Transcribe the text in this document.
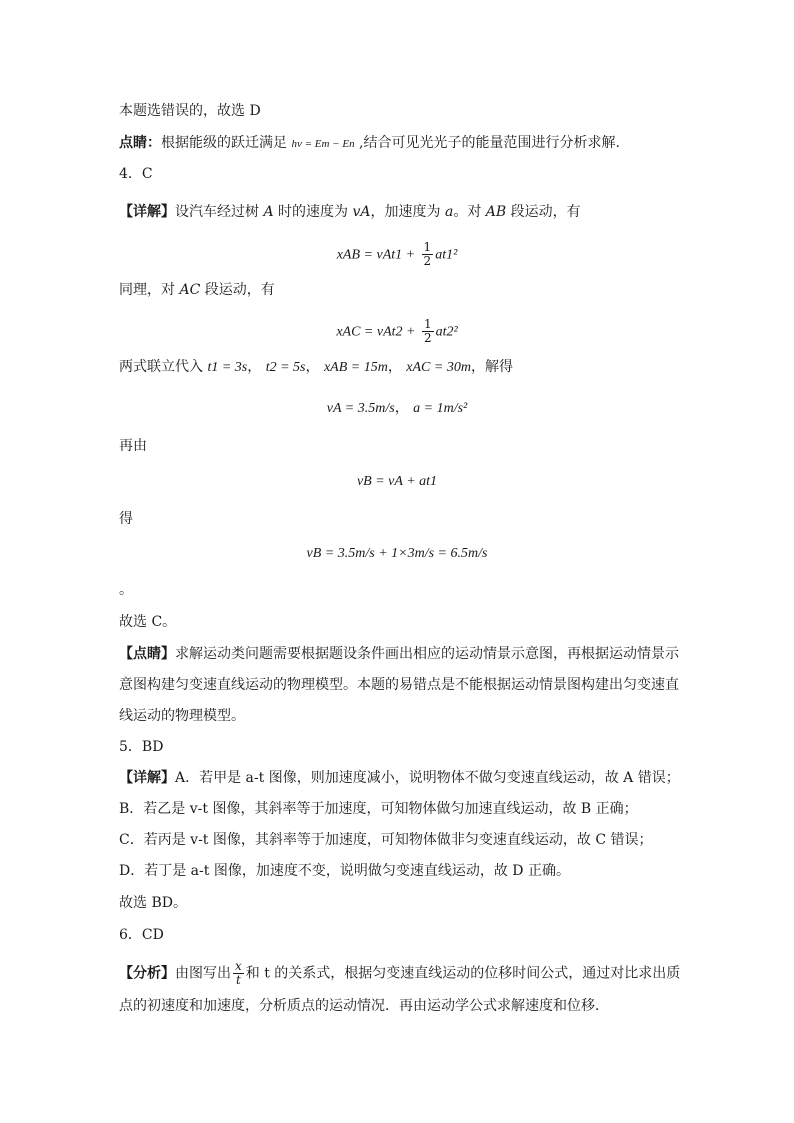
本题选错误的，故选 D
点睛：根据能级的跃迁满足 hν = Em − En ,结合可见光光子的能量范围进行分析求解.
4．C
【详解】设汽车经过树 A 时的速度为 vA，加速度为 a。对 AB 段运动，有
xAB = $vAt1 + \frac{1}{2} at1^2$
同理，对 AC 段运动，有
xAC = $vAt2 + \frac{1}{2} at2^2$
两式联立代入 t1 = 3s， t2 = 5s， xAB = 15m， xAC = 30m，解得
vA = 3.5m/s， a = 1m/s²
再由
vB = vA + at1
得
vB = 3.5m/s + 1×3m/s = 6.5m/s
。
故选 C。
【点睛】求解运动类问题需要根据题设条件画出相应的运动情景示意图，再根据运动情景示
意图构建匀变速直线运动的物理模型。本题的易错点是不能根据运动情景图构建出匀变速直
线运动的物理模型。
5．BD
【详解】A．若甲是 a-t 图像，则加速度减小，说明物体不做匀变速直线运动，故 A 错误；
B．若乙是 v-t 图像，其斜率等于加速度，可知物体做匀加速直线运动，故 B 正确；
C．若丙是 v-t 图像，其斜率等于加速度，可知物体做非匀变速直线运动，故 C 错误；
D．若丁是 a-t 图像，加速度不变，说明做匀变速直线运动，故 D 正确。
故选 BD。
6．CD
【分析】由图写出 $\frac{x}{t}$ 和 t 的关系式，根据匀变速直线运动的位移时间公式，通过对比求出质
点的初速度和加速度，分析质点的运动情况．再由运动学公式求解速度和位移．
